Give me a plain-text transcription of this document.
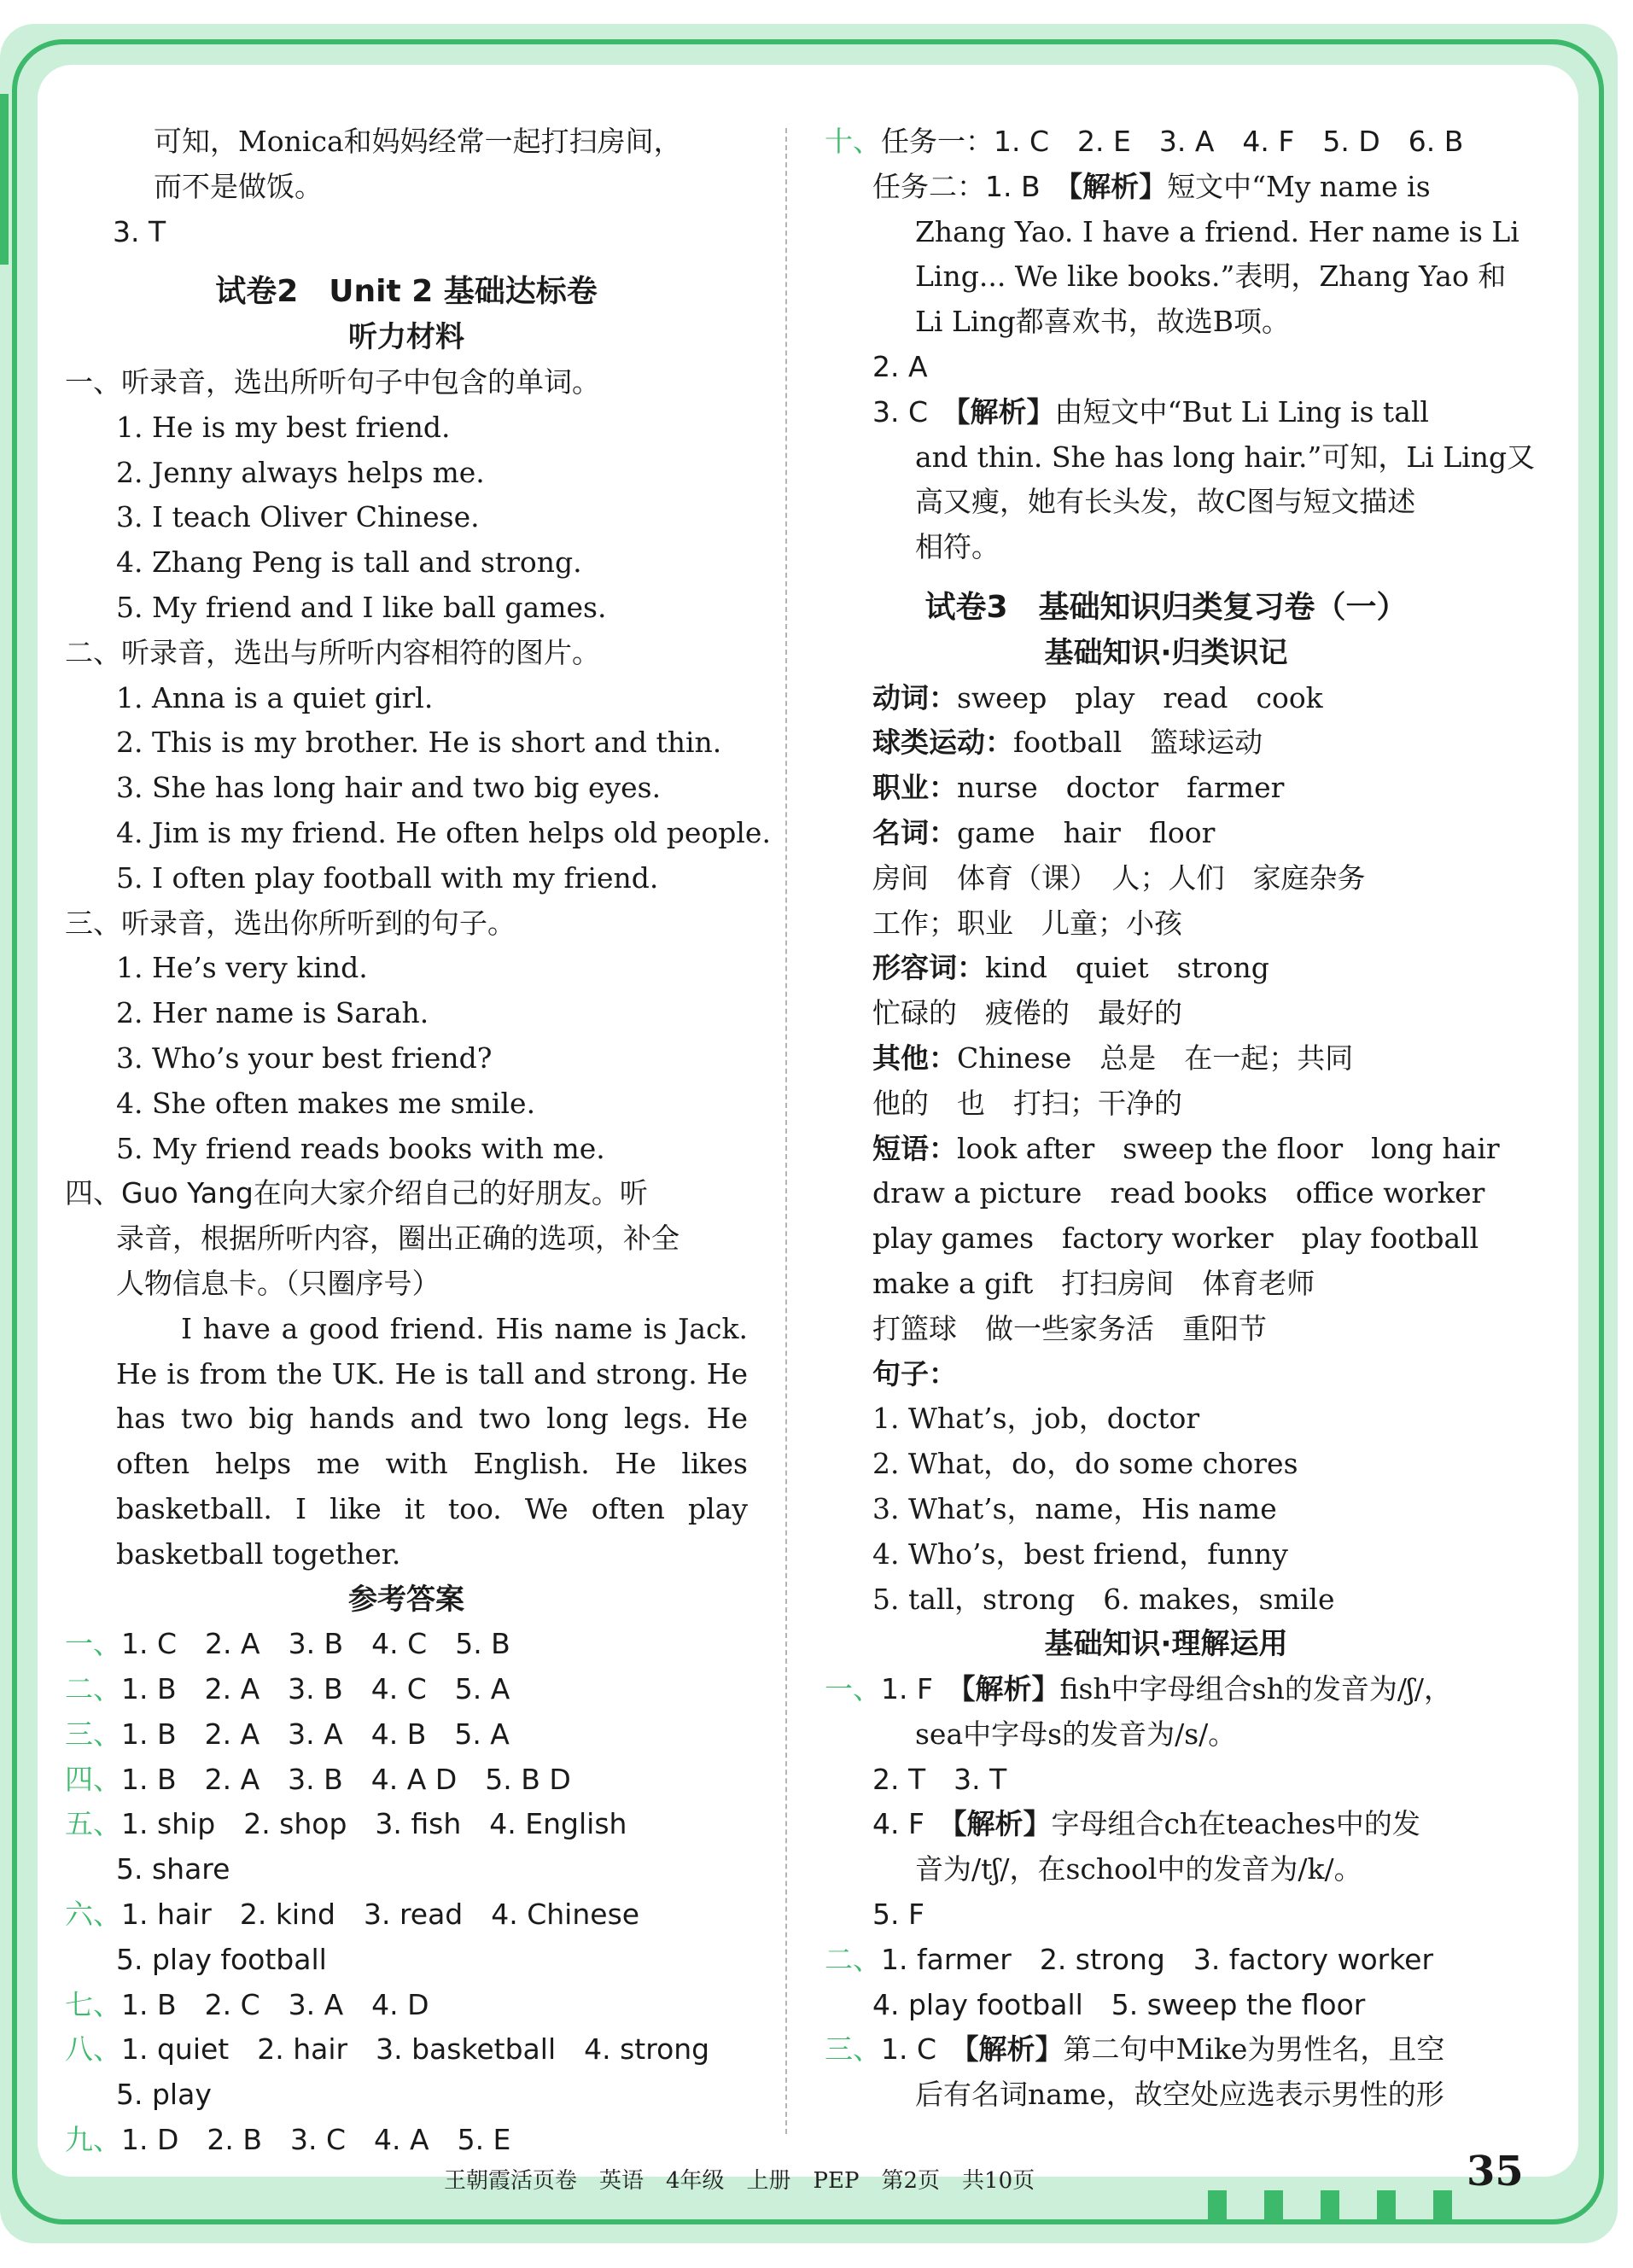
可知，Monica和妈妈经常一起打扫房间，
而不是做饭。
3. T
试卷2　Unit 2 基础达标卷
听力材料
一、听录音，选出所听句子中包含的单词。
1. He is my best friend.
2. Jenny always helps me.
3. I teach Oliver Chinese.
4. Zhang Peng is tall and strong.
5. My friend and I like ball games.
二、听录音，选出与所听内容相符的图片。
1. Anna is a quiet girl.
2. This is my brother. He is short and thin.
3. She has long hair and two big eyes.
4. Jim is my friend. He often helps old people.
5. I often play football with my friend.
三、听录音，选出你所听到的句子。
1. He’s very kind.
2. Her name is Sarah.
3. Who’s your best friend?
4. She often makes me smile.
5. My friend reads books with me.
四、Guo Yang在向大家介绍自己的好朋友。听
录音，根据所听内容，圈出正确的选项，补全
人物信息卡。（只圈序号）
I have a good friend. His name is Jack. He is from the UK. He is tall and strong. He has two big hands and two long legs. He often helps me with English. He likes basketball. I like it too. We often play basketball together.
参考答案
一、1. C　2. A　3. B　4. C　5. B
二、1. B　2. A　3. B　4. C　5. A
三、1. B　2. A　3. A　4. B　5. A
四、1. B　2. A　3. B　4. A D　5. B D
五、1. ship　2. shop　3. fish　4. English
5. share
六、1. hair　2. kind　3. read　4. Chinese
5. play football
七、1. B　2. C　3. A　4. D
八、1. quiet　2. hair　3. basketball　4. strong
5. play
九、1. D　2. B　3. C　4. A　5. E
十、任务一：1. C　2. E　3. A　4. F　5. D　6. B
任务二：1. B　 【解析】短文中“My name is
Zhang Yao. I have a friend. Her name is Li
Ling... We like books.”表明，Zhang Yao 和
Li Ling都喜欢书，故选B项。
2. A
3. C　 【解析】由短文中“But Li Ling is tall
and thin. She has long hair.”可知，Li Ling又
高又瘦，她有长头发，故C图与短文描述
相符。
试卷3　基础知识归类复习卷（一）
基础知识·归类识记
动词：sweep　play　read　cook
球类运动：football　篮球运动
职业：nurse　doctor　farmer
名词：game　hair　floor
房间　体育（课）　人；人们　家庭杂务
工作；职业　儿童；小孩
形容词：kind　quiet　strong
忙碌的　疲倦的　最好的
其他：Chinese　总是　在一起；共同
他的　也　打扫；干净的
短语：look after　sweep the floor　long hair
draw a picture　read books　office worker
play games　factory worker　play football
make a gift　打扫房间　体育老师
打篮球　做一些家务活　重阳节
句子：
1. What’s，job，doctor
2. What，do，do some chores
3. What’s，name，His name
4. Who’s，best friend，funny
5. tall，strong　6. makes，smile
基础知识·理解运用
一、1. F　 【解析】fish中字母组合sh的发音为/ʃ/，
sea中字母s的发音为/s/。
2. T　3. T
4. F　 【解析】字母组合ch在teaches中的发
音为/tʃ/，在school中的发音为/k/。
5. F
二、1. farmer　2. strong　3. factory worker
4. play football　5. sweep the floor
三、1. C　 【解析】第二句中Mike为男性名，且空
后有名词name，故空处应选表示男性的形
王朝霞活页卷　英语　4年级　上册　PEP　第2页　共10页	35
